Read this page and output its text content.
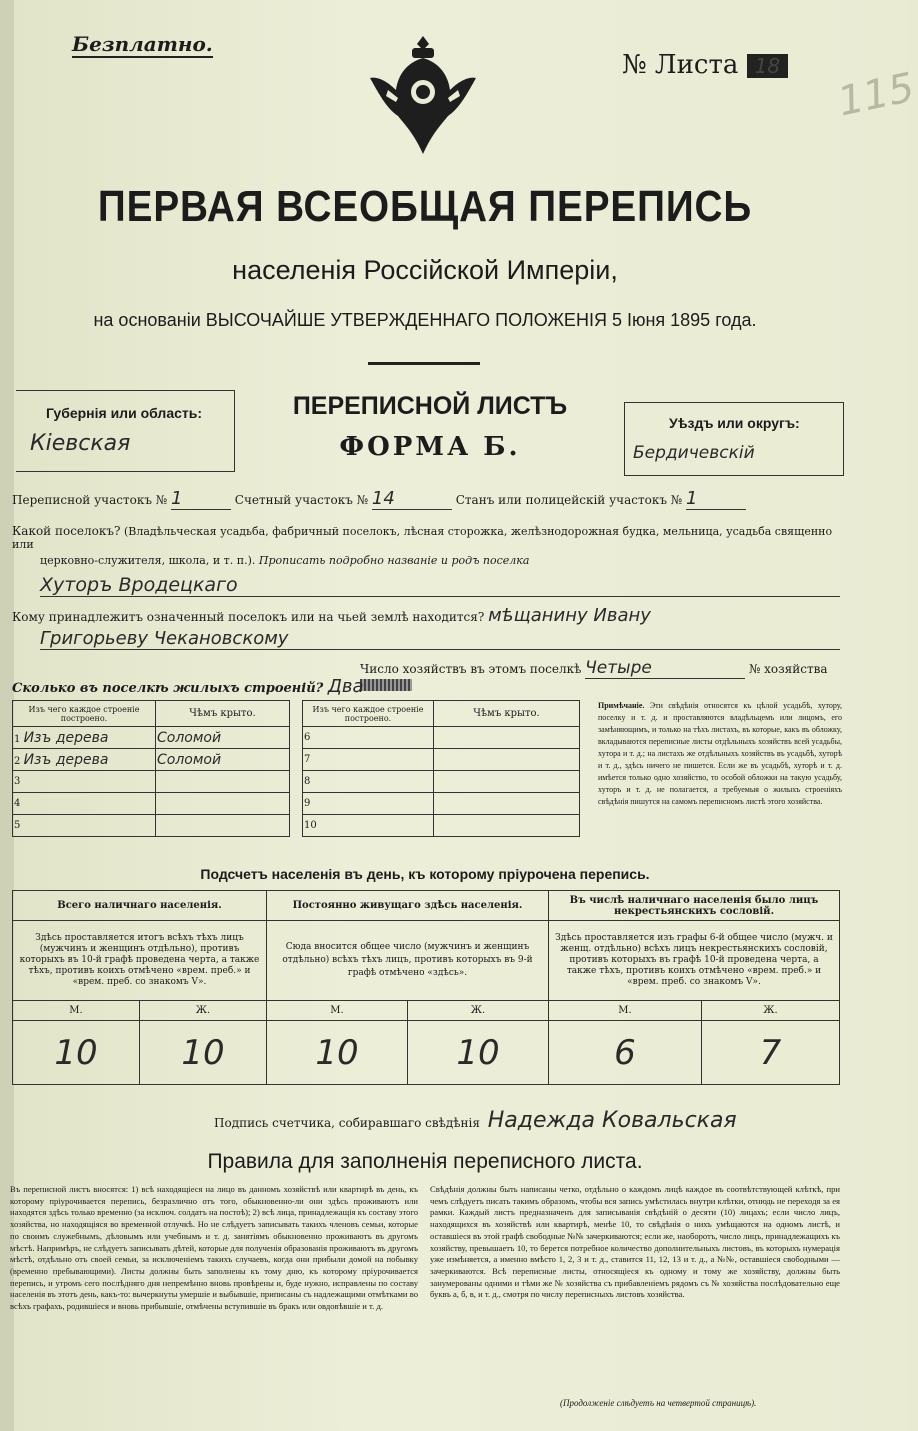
Безплатно.
№ Листа 18 115
ПЕРВАЯ ВСЕОБЩАЯ ПЕРЕПИСЬ
населенія Россійской Имперіи,
на основаніи ВЫСОЧАЙШЕ УТВЕРЖДЕННАГО ПОЛОЖЕНІЯ 5 Іюня 1895 года.
Губернія или область:
Кіевская
ПЕРЕПИСНОЙ ЛИСТЪ
ФОРМА Б.
Уѣздъ или округъ:
Бердичевскій
Переписной участокъ № 1	Счетный участокъ № 14	Станъ или полицейскій участокъ № 1
Какой поселокъ? (Владѣльческая усадьба, фабричный поселокъ, лѣсная сторожка, желѣзнодорожная будка, мельница, усадьба священно или
церковно-служителя, школа, и т. п.). Прописать подробно названіе и родъ поселка
Хуторъ Вродецкаго
Кому принадлежитъ означенный поселокъ или на чьей землѣ находится? мѣщанину Ивану
Григорьеву Чекановскому
Число хозяйствъ въ этомъ поселкѣ Четыре	№ хозяйства
Сколько въ поселкѣ жилыхъ строеній? Два
Изъ чего каждое строеніе построено.	Чѣмъ крыто.
1 Изъ дерева	Соломой
2 Изъ дерева	Соломой
3	
4	
5	
Изъ чего каждое строеніе построено.	Чѣмъ крыто.
6	
7	
8	
9	
10	
Примѣчаніе. Эти свѣдѣнія относятся къ цѣлой усадьбѣ, хутору, поселку и т. д. и проставляются владѣльцемъ или лицомъ, его замѣняющимъ, и только на тѣхъ листахъ, въ которые, какъ въ обложку, вкладываются переписные листы отдѣльныхъ хозяйствъ всей усадьбы, хутора и т. д.; на листахъ же отдѣльныхъ хозяйствъ въ усадьбѣ, хуторѣ и т. д., здѣсь ничего не пишется. Если же въ усадьбѣ, хуторѣ и т. д. имѣется только одно хозяйство, то особой обложки на такую усадьбу, хуторъ и т. д. не полагается, а требуемыя о жилыхъ строеніяхъ свѣдѣнія пишутся на самомъ переписномъ листѣ этого хозяйства.
Подсчетъ населенія въ день, къ которому пріурочена перепись.
Всего наличнаго населенія.		Постоянно живущаго здѣсь населенія.		Въ числѣ наличнаго населенія было лицъ некрестьянскихъ сословій.	
Здѣсь проставляется итогъ всѣхъ тѣхъ лицъ (мужчинъ и женщинъ отдѣльно), противъ которыхъ въ 10-й графѣ проведена черта, а также тѣхъ, противъ коихъ отмѣчено «врем. преб.» и «врем. преб. со знакомъ V».		Сюда вносится общее число (мужчинъ и женщинъ отдѣльно) всѣхъ тѣхъ лицъ, противъ которыхъ въ 9-й графѣ отмѣчено «здѣсь».		Здѣсь проставляется изъ графы 6-й общее число (мужч. и женщ. отдѣльно) всѣхъ лицъ некрестьянскихъ сословій, противъ которыхъ въ графѣ 10-й проведена черта, а также тѣхъ, противъ коихъ отмѣчено «врем. преб.» и «врем. преб. со знакомъ V».	
М.	Ж.	М.	Ж.	М.	Ж.
10	10	10	10	6	7
Подпись счетчика, собиравшаго свѣдѣнія Надежда Ковальская
Правила для заполненія переписного листа.
Въ переписной листъ вносятся: 1) всѣ находящіеся на лицо въ данномъ хозяйствѣ или квартирѣ въ день, къ которому пріурочивается перепись, безразлично отъ того, обыкновенно-ли они здѣсь проживаютъ или находятся здѣсь только временно (за исключ. солдатъ на постоѣ); 2) всѣ лица, принадлежащія къ составу этого хозяйства, но находящіяся во временной отлучкѣ. Но не слѣдуетъ записывать такихъ членовъ семьи, которые по своимъ служебнымъ, дѣловымъ или учебнымъ и т. д. занятіямъ обыкновенно проживаютъ въ другомъ мѣстѣ. Напримѣръ, не слѣдуетъ записывать дѣтей, которые для полученія образованія проживаютъ въ другомъ мѣстѣ, отдѣльно отъ своей семьи, за исключеніемъ такихъ случаевъ, когда они прибыли домой на побывку (временно пребывающими). Листы должны быть заполнены къ тому дню, къ которому пріурочивается перепись, и утромъ сего послѣдняго дня непремѣнно вновь провѣрены и, буде нужно, исправлены по составу населенія въ этотъ день, какъ-то: вычеркнуты умершіе и выбывшіе, приписаны съ надлежащими отмѣтками во всѣхъ графахъ, родившіеся и вновь прибывшіе, отмѣчены вступившіе въ бракъ или овдовѣвшіе и т. д.
Свѣдѣнія должны быть написаны четко, отдѣльно о каждомъ лицѣ каждое въ соотвѣтствующей клѣткѣ, при чемъ слѣдуетъ писать такимъ образомъ, чтобы вся запись умѣстилась внутри клѣтки, отнюдь не переходя за ея рамки. Каждый листъ предназначенъ для записыванія свѣдѣній о десяти (10) лицахъ; если число лицъ, находящихся въ хозяйствѣ или квартирѣ, менѣе 10, то свѣдѣнія о нихъ умѣщаются на одномъ листѣ, и оставшіеся въ этой графѣ свободные №№ зачеркиваются; если же, наоборотъ, число лицъ, принадлежащихъ къ хозяйству, превышаетъ 10, то берется потребное количество дополнительныхъ листовъ, въ которыхъ нумерація уже измѣняется, а именно вмѣсто 1, 2, 3 и т. д., ставится 11, 12, 13 и т. д., а №№, оставшіеся свободными — зачеркиваются. Всѣ переписные листы, относящіеся къ одному и тому же хозяйству, должны быть занумерованы одними и тѣми же № хозяйства съ прибавленіемъ рядомъ съ № хозяйства послѣдовательно еще буквъ а, б, в, и т. д., смотря по числу переписныхъ листовъ хозяйства.
(Продолженіе слѣдуетъ на четвертой страницѣ).
